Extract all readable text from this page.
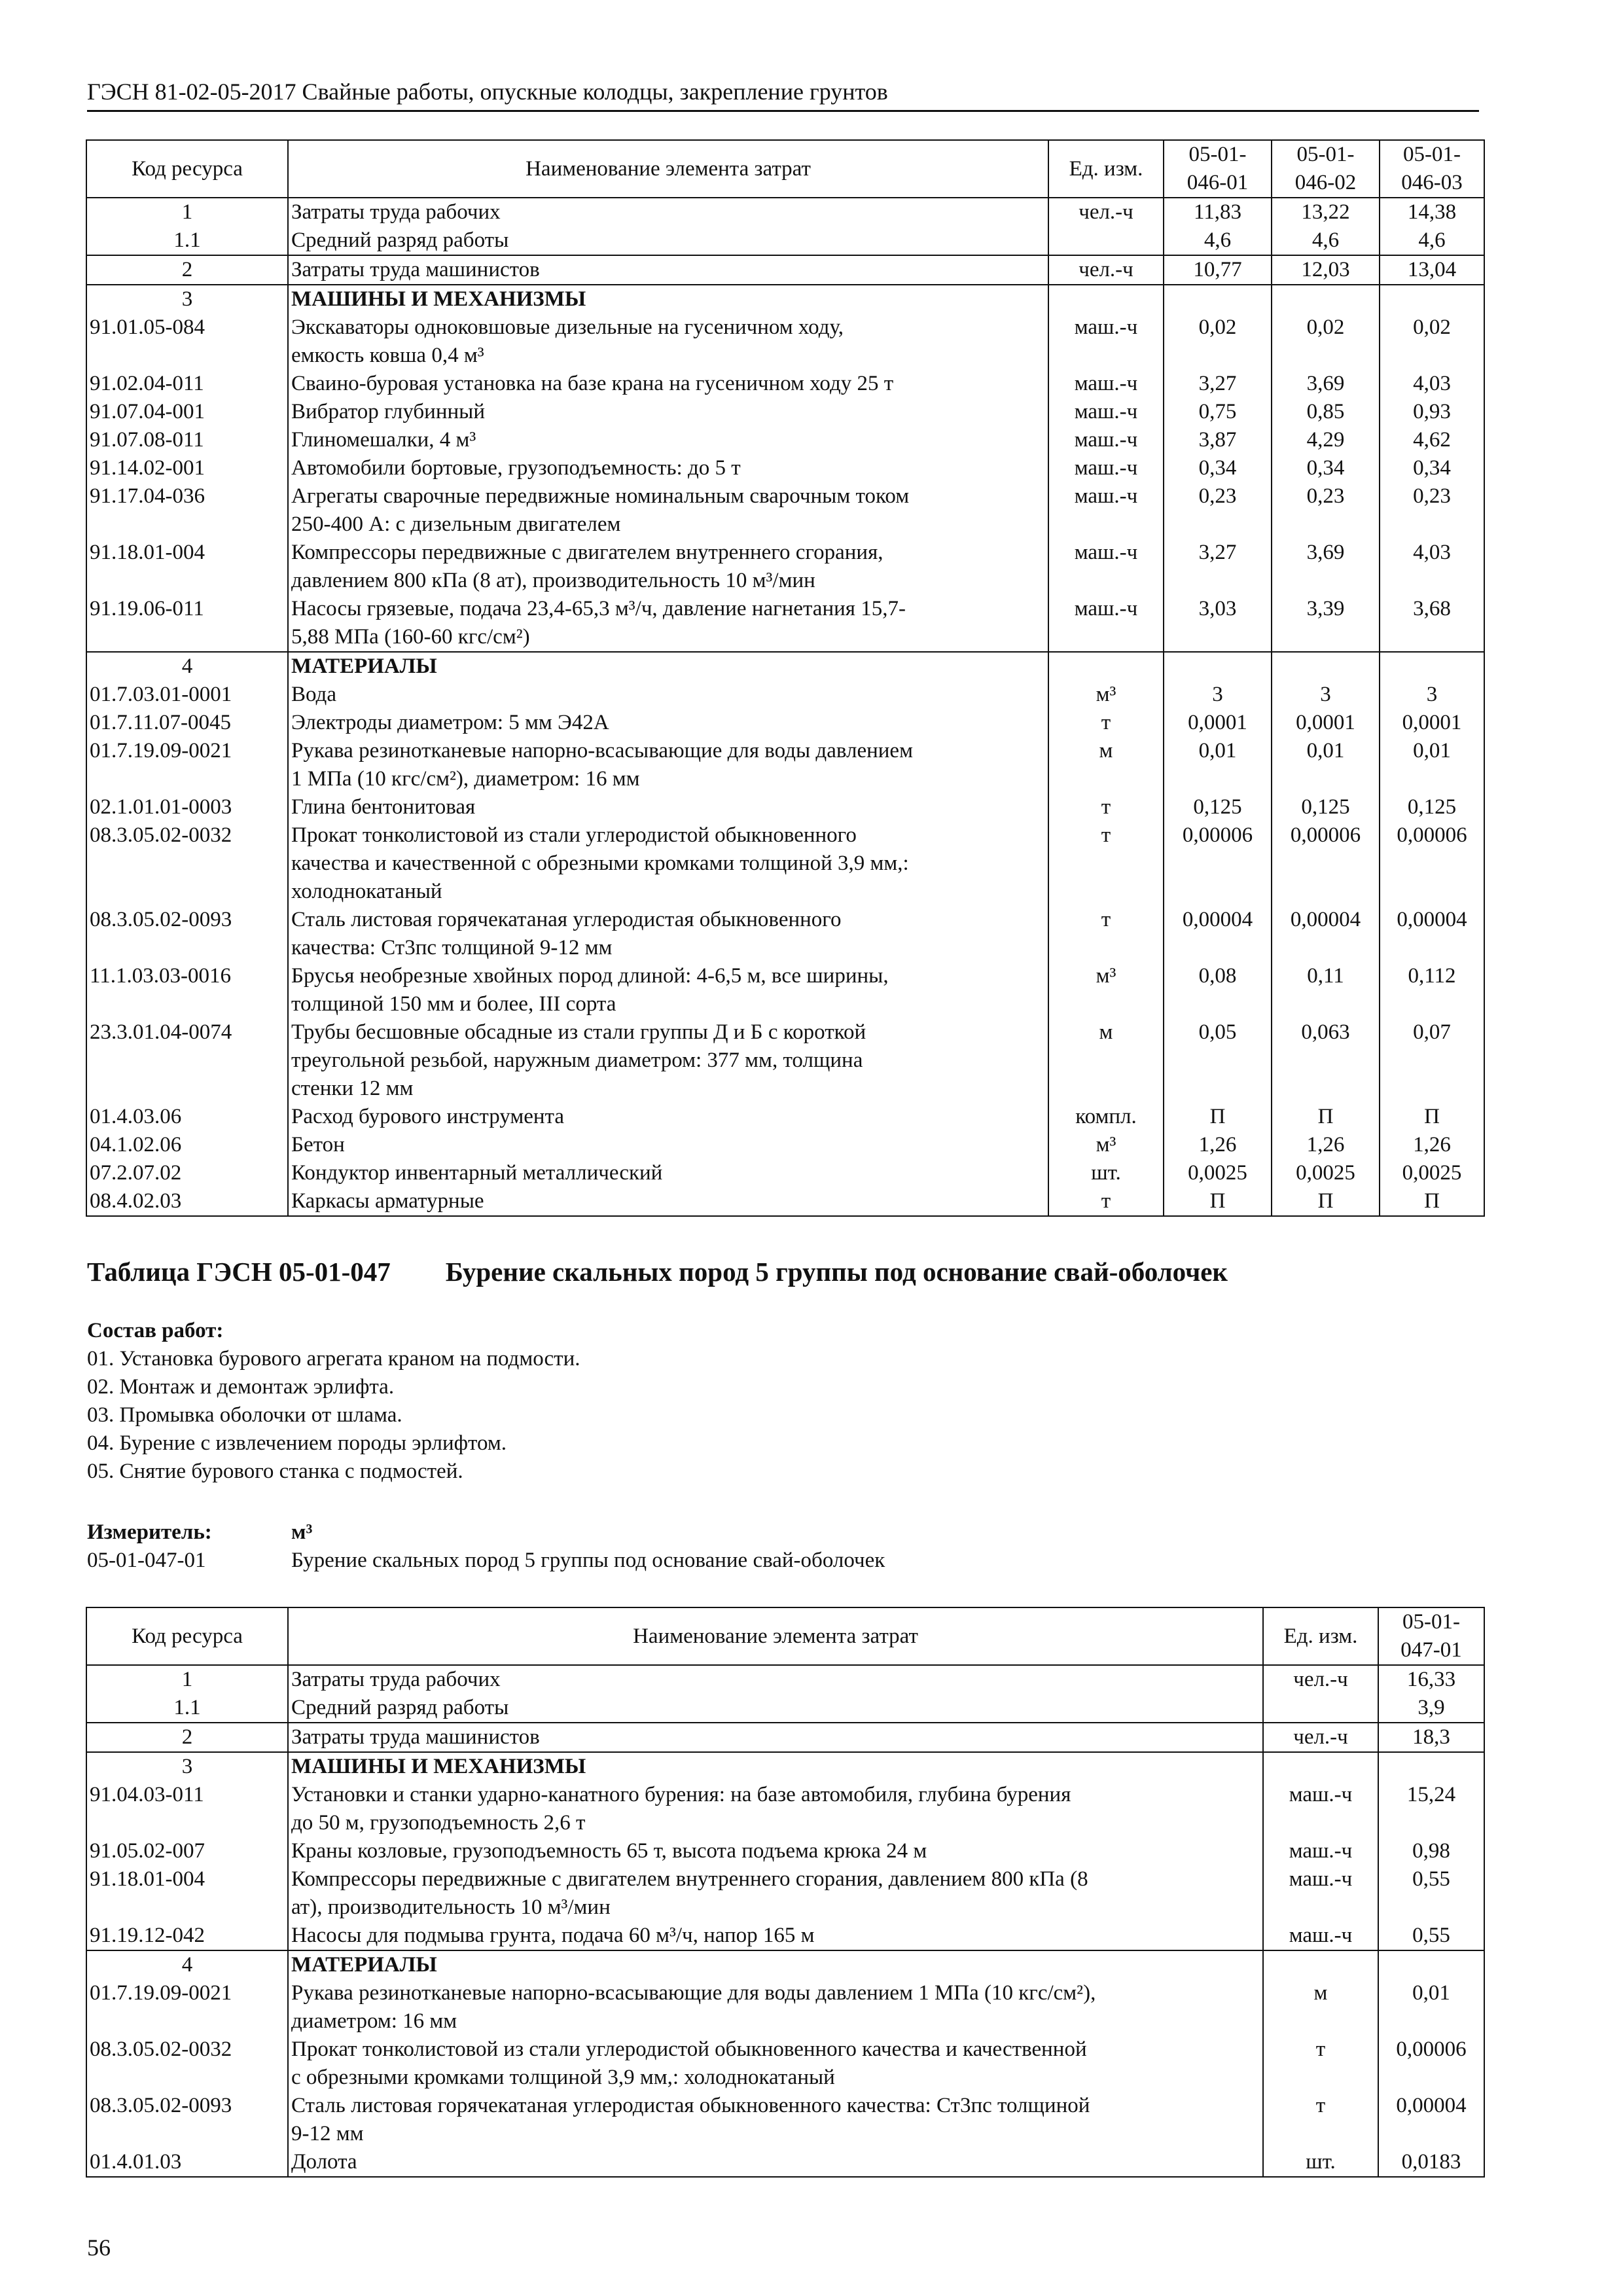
ГЭСН 81-02-05-2017 Свайные работы, опускные колодцы, закрепление грунтов
Код ресурса	Наименование элемента затрат	Ед. изм.	05-01-
046-01	05-01-
046-02	05-01-
046-03
1	Затраты труда рабочих	чел.-ч	11,83	13,22	14,38
1.1	Средний разряд работы		4,6	4,6	4,6
2	Затраты труда машинистов	чел.-ч	10,77	12,03	13,04
3	МАШИНЫ И МЕХАНИЗМЫ				
91.01.05-084	Экскаваторы одноковшовые дизельные на гусеничном ходу,
емкость ковша 0,4 м³	маш.-ч	0,02	0,02	0,02
91.02.04-011	Сваино-буровая установка на базе крана на гусеничном ходу 25 т	маш.-ч	3,27	3,69	4,03
91.07.04-001	Вибратор глубинный	маш.-ч	0,75	0,85	0,93
91.07.08-011	Глиномешалки, 4 м³	маш.-ч	3,87	4,29	4,62
91.14.02-001	Автомобили бортовые, грузоподъемность: до 5 т	маш.-ч	0,34	0,34	0,34
91.17.04-036	Агрегаты сварочные передвижные номинальным сварочным током
250-400 А: с дизельным двигателем	маш.-ч	0,23	0,23	0,23
91.18.01-004	Компрессоры передвижные с двигателем внутреннего сгорания,
давлением 800 кПа (8 ат), производительность 10 м³/мин	маш.-ч	3,27	3,69	4,03
91.19.06-011	Насосы грязевые, подача 23,4-65,3 м³/ч, давление нагнетания 15,7-
5,88 МПа (160-60 кгс/см²)	маш.-ч	3,03	3,39	3,68
4	МАТЕРИАЛЫ				
01.7.03.01-0001	Вода	м³	3	3	3
01.7.11.07-0045	Электроды диаметром: 5 мм Э42А	т	0,0001	0,0001	0,0001
01.7.19.09-0021	Рукава резинотканевые напорно-всасывающие для воды давлением
1 МПа (10 кгс/см²), диаметром: 16 мм	м	0,01	0,01	0,01
02.1.01.01-0003	Глина бентонитовая	т	0,125	0,125	0,125
08.3.05.02-0032	Прокат тонколистовой из стали углеродистой обыкновенного
качества и качественной с обрезными кромками толщиной 3,9 мм,:
холоднокатаный	т	0,00006	0,00006	0,00006
08.3.05.02-0093	Сталь листовая горячекатаная углеродистая обыкновенного
качества: Ст3пс толщиной 9-12 мм	т	0,00004	0,00004	0,00004
11.1.03.03-0016	Брусья необрезные хвойных пород длиной: 4-6,5 м, все ширины,
толщиной 150 мм и более, III сорта	м³	0,08	0,11	0,112
23.3.01.04-0074	Трубы бесшовные обсадные из стали группы Д и Б с короткой
треугольной резьбой, наружным диаметром: 377 мм, толщина
стенки 12 мм	м	0,05	0,063	0,07
01.4.03.06	Расход бурового инструмента	компл.	П	П	П
04.1.02.06	Бетон	м³	1,26	1,26	1,26
07.2.07.02	Кондуктор инвентарный металлический	шт.	0,0025	0,0025	0,0025
08.4.02.03	Каркасы арматурные	т	П	П	П
Таблица ГЭСН 05-01-047 Бурение скальных пород 5 группы под основание свай-оболочек
Состав работ:
01. Установка бурового агрегата краном на подмости.
02. Монтаж и демонтаж эрлифта.
03. Промывка оболочки от шлама.
04. Бурение с извлечением породы эрлифтом.
05. Снятие бурового станка с подмостей.
Измеритель:	м³
05-01-047-01	Бурение скальных пород 5 группы под основание свай-оболочек
Код ресурса	Наименование элемента затрат	Ед. изм.	05-01-
047-01
1	Затраты труда рабочих	чел.-ч	16,33
1.1	Средний разряд работы		3,9
2	Затраты труда машинистов	чел.-ч	18,3
3	МАШИНЫ И МЕХАНИЗМЫ		
91.04.03-011	Установки и станки ударно-канатного бурения: на базе автомобиля, глубина бурения
до 50 м, грузоподъемность 2,6 т	маш.-ч	15,24
91.05.02-007	Краны козловые, грузоподъемность 65 т, высота подъема крюка 24 м	маш.-ч	0,98
91.18.01-004	Компрессоры передвижные с двигателем внутреннего сгорания, давлением 800 кПа (8
ат), производительность 10 м³/мин	маш.-ч	0,55
91.19.12-042	Насосы для подмыва грунта, подача 60 м³/ч, напор 165 м	маш.-ч	0,55
4	МАТЕРИАЛЫ		
01.7.19.09-0021	Рукава резинотканевые напорно-всасывающие для воды давлением 1 МПа (10 кгс/см²),
диаметром: 16 мм	м	0,01
08.3.05.02-0032	Прокат тонколистовой из стали углеродистой обыкновенного качества и качественной
с обрезными кромками толщиной 3,9 мм,: холоднокатаный	т	0,00006
08.3.05.02-0093	Сталь листовая горячекатаная углеродистая обыкновенного качества: Ст3пс толщиной
9-12 мм	т	0,00004
01.4.01.03	Долота	шт.	0,0183
56
